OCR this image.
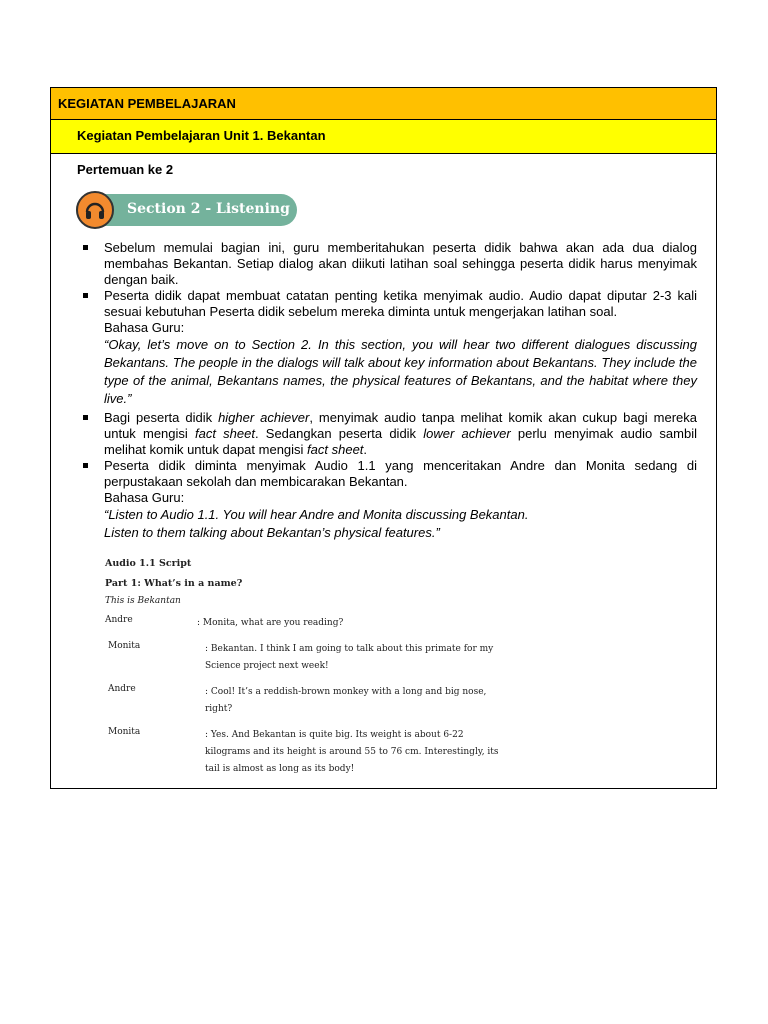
KEGIATAN PEMBELAJARAN
Kegiatan Pembelajaran Unit 1. Bekantan
Pertemuan ke 2
Section 2 - Listening
Sebelum memulai bagian ini, guru memberitahukan peserta didik bahwa akan ada dua dialog membahas Bekantan. Setiap dialog akan diikuti latihan soal sehingga peserta didik harus menyimak dengan baik.
Peserta didik dapat membuat catatan penting ketika menyimak audio. Audio dapat diputar 2-3 kali sesuai kebutuhan Peserta didik sebelum mereka diminta untuk mengerjakan latihan soal.
Bahasa Guru:
“Okay, let’s move on to Section 2. In this section, you will hear two different dialogues discussing Bekantans. The people in the dialogs will talk about key information about Bekantans. They include the type of the animal, Bekantans names, the physical features of Bekantans, and the habitat where they live.”
Bagi peserta didik higher achiever, menyimak audio tanpa melihat komik akan cukup bagi mereka untuk mengisi fact sheet. Sedangkan peserta didik lower achiever perlu menyimak audio sambil melihat komik untuk dapat mengisi fact sheet.
Peserta didik diminta menyimak Audio 1.1 yang menceritakan Andre dan Monita sedang di perpustakaan sekolah dan membicarakan Bekantan.
Bahasa Guru:
“Listen to Audio 1.1. You will hear Andre and Monita discussing Bekantan.
Listen to them talking about Bekantan’s physical features.”
Audio 1.1 Script
Part 1: What’s in a name?
This is Bekantan
Andre	: Monita, what are you reading?
Monita	: Bekantan. I think I am going to talk about this primate for my Science project next week!
Andre	: Cool! It’s a reddish-brown monkey with a long and big nose, right?
Monita	: Yes. And Bekantan is quite big. Its weight is about 6-22 kilograms and its height is around 55 to 76 cm. Interestingly, its tail is almost as long as its body!
